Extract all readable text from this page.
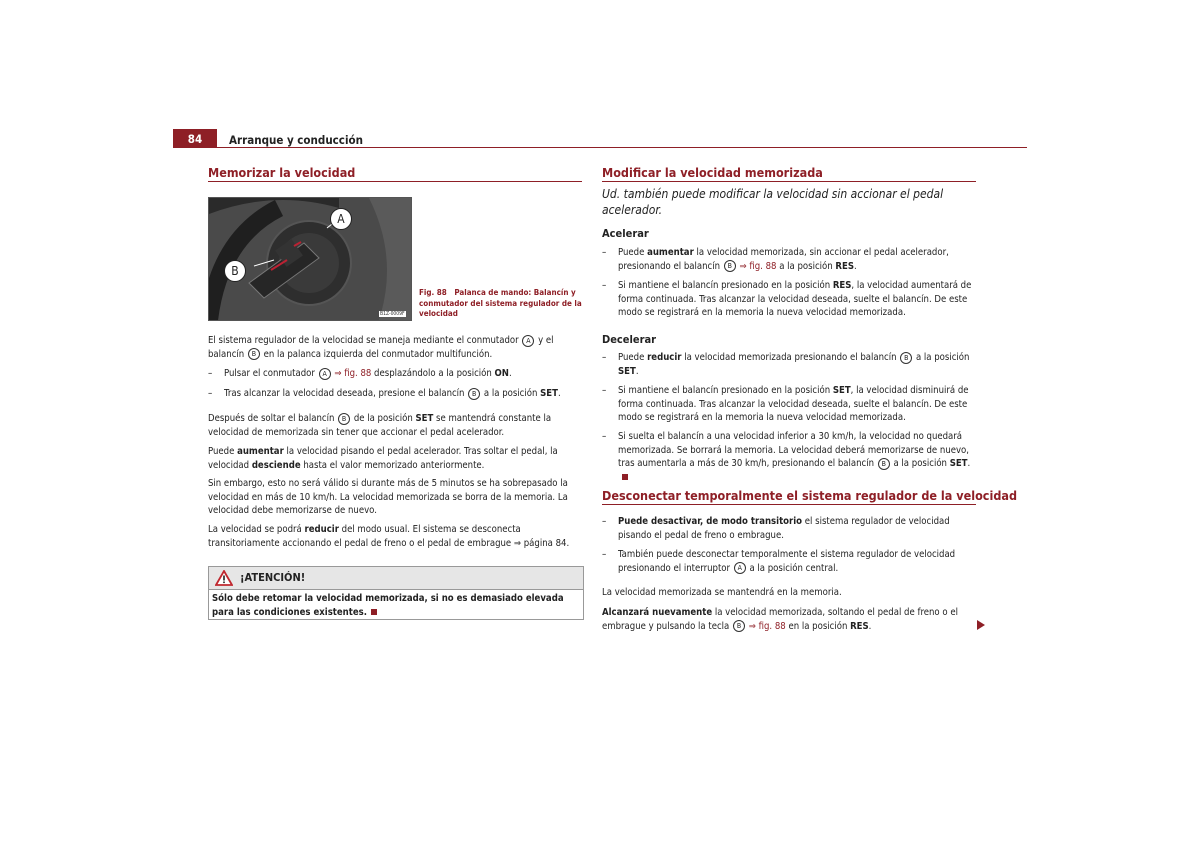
84	Arranque y conducción
Memorizar la velocidad
A
B
B1Z-0009F
Fig. 88 Palanca de mando: Balancín y conmutador del sistema regulador de la velocidad
El sistema regulador de la velocidad se maneja mediante el conmutador A y el balancín B en la palanca izquierda del conmutador multifunción.
– Pulsar el conmutador A ⇒ fig. 88 desplazándolo a la posición ON.
– Tras alcanzar la velocidad deseada, presione el balancín B a la posición SET.
Después de soltar el balancín B de la posición SET se mantendrá constante la velocidad de memorizada sin tener que accionar el pedal acelerador.
Puede aumentar la velocidad pisando el pedal acelerador. Tras soltar el pedal, la velocidad desciende hasta el valor memorizado anteriormente.
Sin embargo, esto no será válido si durante más de 5 minutos se ha sobrepasado la velocidad en más de 10 km/h. La velocidad memorizada se borra de la memoria. La velocidad debe memorizarse de nuevo.
La velocidad se podrá reducir del modo usual. El sistema se desconecta transitoriamente accionando el pedal de freno o el pedal de embrague ⇒ página 84.
¡ATENCIÓN!
Sólo debe retomar la velocidad memorizada, si no es demasiado elevada para las condiciones existentes.
Modificar la velocidad memorizada
Ud. también puede modificar la velocidad sin accionar el pedal acelerador.
Acelerar
– Puede aumentar la velocidad memorizada, sin accionar el pedal acelerador, presionando el balancín B ⇒ fig. 88 a la posición RES.
– Si mantiene el balancín presionado en la posición RES, la velocidad aumentará de forma continuada. Tras alcanzar la velocidad deseada, suelte el balancín. De este modo se registrará en la memoria la nueva velocidad memorizada.
Decelerar
– Puede reducir la velocidad memorizada presionando el balancín B a la posición SET.
– Si mantiene el balancín presionado en la posición SET, la velocidad disminuirá de forma continuada. Tras alcanzar la velocidad deseada, suelte el balancín. De este modo se registrará en la memoria la nueva velocidad memorizada.
– Si suelta el balancín a una velocidad inferior a 30 km/h, la velocidad no quedará memorizada. Se borrará la memoria. La velocidad deberá memorizarse de nuevo, tras aumentarla a más de 30 km/h, presionando el balancín B a la posición SET.
Desconectar temporalmente el sistema regulador de la velocidad
– Puede desactivar, de modo transitorio el sistema regulador de velocidad pisando el pedal de freno o embrague.
– También puede desconectar temporalmente el sistema regulador de velocidad presionando el interruptor A a la posición central.
La velocidad memorizada se mantendrá en la memoria.
Alcanzará nuevamente la velocidad memorizada, soltando el pedal de freno o el embrague y pulsando la tecla B ⇒ fig. 88 en la posición RES.
